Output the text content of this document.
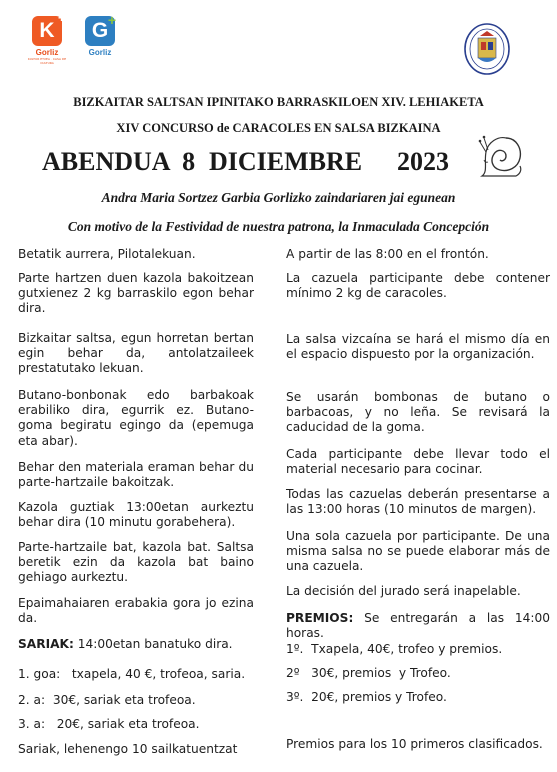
K
+
Gorliz
KULTUR ETXEA · CASA DE CULTURA
G +
Gorliz
BIZKAITAR SALTSAN IPINITAKO BARRASKILOEN XIV. LEHIAKETA
XIV CONCURSO de CARACOLES EN SALSA BIZKAINA
ABENDUA  8 DICIEMBRE 2023
Andra Maria Sortzez Garbia Gorlizko zaindariaren jai egunean
Con motivo de la Festividad de nuestra patrona, la Inmaculada Concepción

Betatik aurrera, Pilotalekuan.

Parte hartzen duen kazola bakoitzean gutxienez 2 kg barraskilo egon behar dira.

Bizkaitar saltsa, egun horretan bertan egin behar da, antolatzaileek prestatutako lekuan.

Butano-bonbonak edo barbakoak erabiliko dira, egurrik ez. Butano-goma begiratu egingo da (epemuga eta abar).

Behar den materiala eraman behar du parte-hartzaile bakoitzak.

Kazola guztiak 13:00etan aurkeztu behar dira (10 minutu gorabehera).

Parte-hartzaile bat, kazola bat. Saltsa beretik ezin da kazola bat baino gehiago aurkeztu.

Epaimahaiaren erabakia gora jo ezina da.

SARIAK: 14:00etan banatuko dira.

1. goa:   txapela, 40 €, trofeoa, saria.

2. a:  30€, sariak eta trofeoa.

3. a:   20€, sariak eta trofeoa.

Sariak, lehenengo 10 sailkatuentzat

A partir de las 8:00 en el frontón.

La cazuela participante debe contener mínimo 2 kg de caracoles.

La salsa vizcaína se hará el mismo día en el espacio dispuesto por la organización.

Se usarán bombonas de butano o barbacoas, y no leña. Se revisará la caducidad de la goma.

Cada participante debe llevar todo el material necesario para cocinar.

Todas las cazuelas deberán presentarse a las 13:00 horas (10 minutos de margen).

Una sola cazuela por participante. De una misma salsa no se puede elaborar más de una cazuela.

La decisión del jurado será inapelable.

PREMIOS: Se entregarán a las 14:00 horas.

1º.  Txapela, 40€, trofeo y premios.

2º   30€, premios  y Trofeo.

3º.  20€, premios y Trofeo.

Premios para los 10 primeros clasificados.
